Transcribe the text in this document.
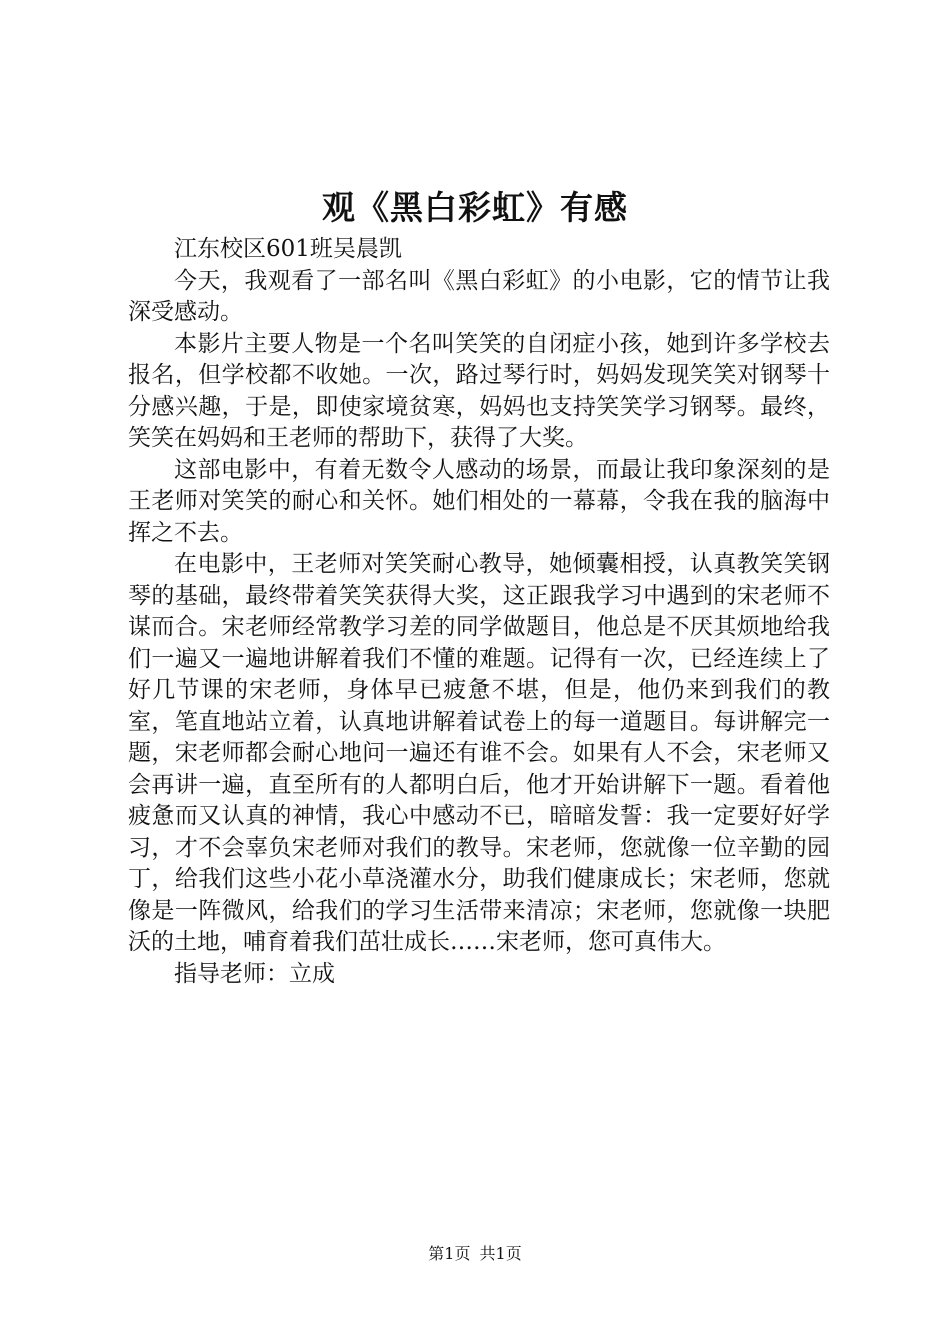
观《黑白彩虹》有感

江东校区601班吴晨凯

今天，我观看了一部名叫《黑白彩虹》的小电影，它的情节让我深受感动。

本影片主要人物是一个名叫笑笑的自闭症小孩，她到许多学校去报名，但学校都不收她。一次，路过琴行时，妈妈发现笑笑对钢琴十分感兴趣，于是，即使家境贫寒，妈妈也支持笑笑学习钢琴。最终，笑笑在妈妈和王老师的帮助下，获得了大奖。

这部电影中，有着无数令人感动的场景，而最让我印象深刻的是王老师对笑笑的耐心和关怀。她们相处的一幕幕，令我在我的脑海中挥之不去。

在电影中，王老师对笑笑耐心教导，她倾囊相授，认真教笑笑钢琴的基础，最终带着笑笑获得大奖，这正跟我学习中遇到的宋老师不谋而合。宋老师经常教学习差的同学做题目，他总是不厌其烦地给我们一遍又一遍地讲解着我们不懂的难题。记得有一次，已经连续上了好几节课的宋老师，身体早已疲惫不堪，但是，他仍来到我们的教室，笔直地站立着，认真地讲解着试卷上的每一道题目。每讲解完一题，宋老师都会耐心地问一遍还有谁不会。如果有人不会，宋老师又会再讲一遍，直至所有的人都明白后，他才开始讲解下一题。看着他疲惫而又认真的神情，我心中感动不已，暗暗发誓：我一定要好好学习，才不会辜负宋老师对我们的教导。宋老师，您就像一位辛勤的园丁，给我们这些小花小草浇灌水分，助我们健康成长；宋老师，您就像是一阵微风，给我们的学习生活带来清凉；宋老师，您就像一块肥沃的土地，哺育着我们茁壮成长……宋老师，您可真伟大。

指导老师：立成

第1页 共1页
